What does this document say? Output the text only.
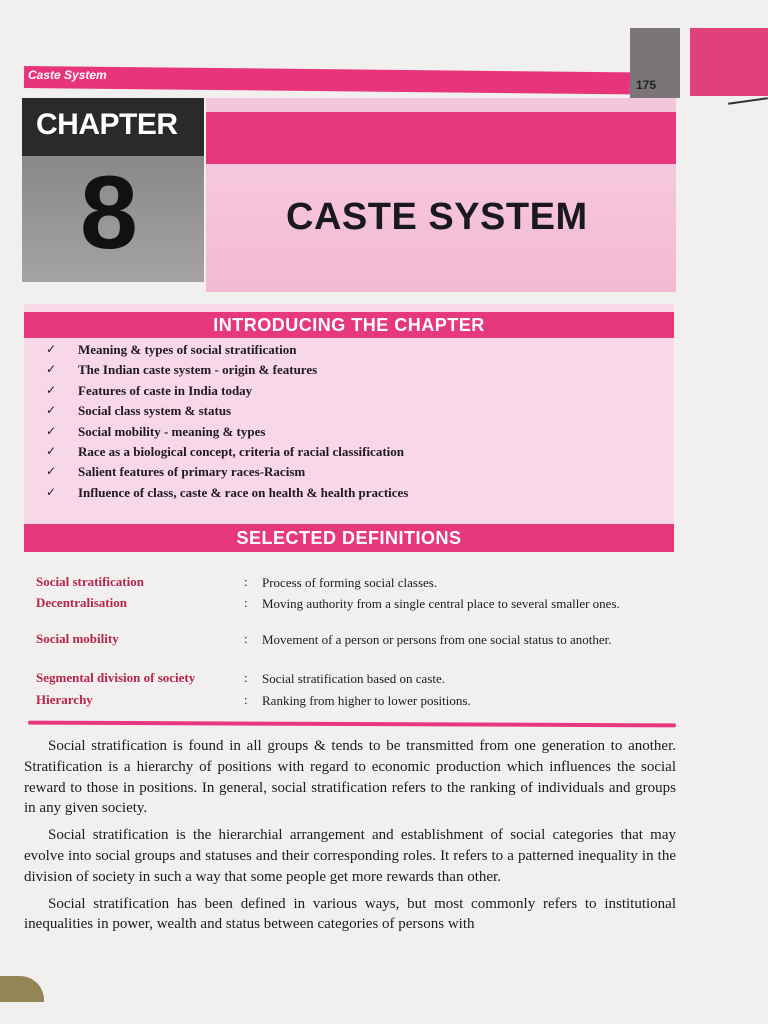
Caste System
175
CHAPTER
8	CASTE SYSTEM
INTRODUCING THE CHAPTER
✓ Meaning & types of social stratification
✓ The Indian caste system - origin & features
✓ Features of caste in India today
✓ Social class system & status
✓ Social mobility - meaning & types
✓ Race as a biological concept, criteria of racial classification
✓ Salient features of primary races-Racism
✓ Influence of class, caste & race on health & health practices
SELECTED DEFINITIONS
Social stratification	: Process of forming social classes.
Decentralisation	: Moving authority from a single central place to several smaller ones.
Social mobility	: Movement of a person or persons from one social status to another.
Segmental division of society	: Social stratification based on caste.
Hierarchy	: Ranking from higher to lower positions.

Social stratification is found in all groups & tends to be transmitted from one generation to another. Stratification is a hierarchy of positions with regard to economic production which influences the social reward to those in positions. In general, social stratification refers to the ranking of individuals and groups in any given society.

Social stratification is the hierarchial arrangement and establishment of social categories that may evolve into social groups and statuses and their corresponding roles. It refers to a patterned inequality in the division of society in such a way that some people get more rewards than other.

Social stratification has been defined in various ways, but most commonly refers to institutional inequalities in power, wealth and status between categories of persons with
